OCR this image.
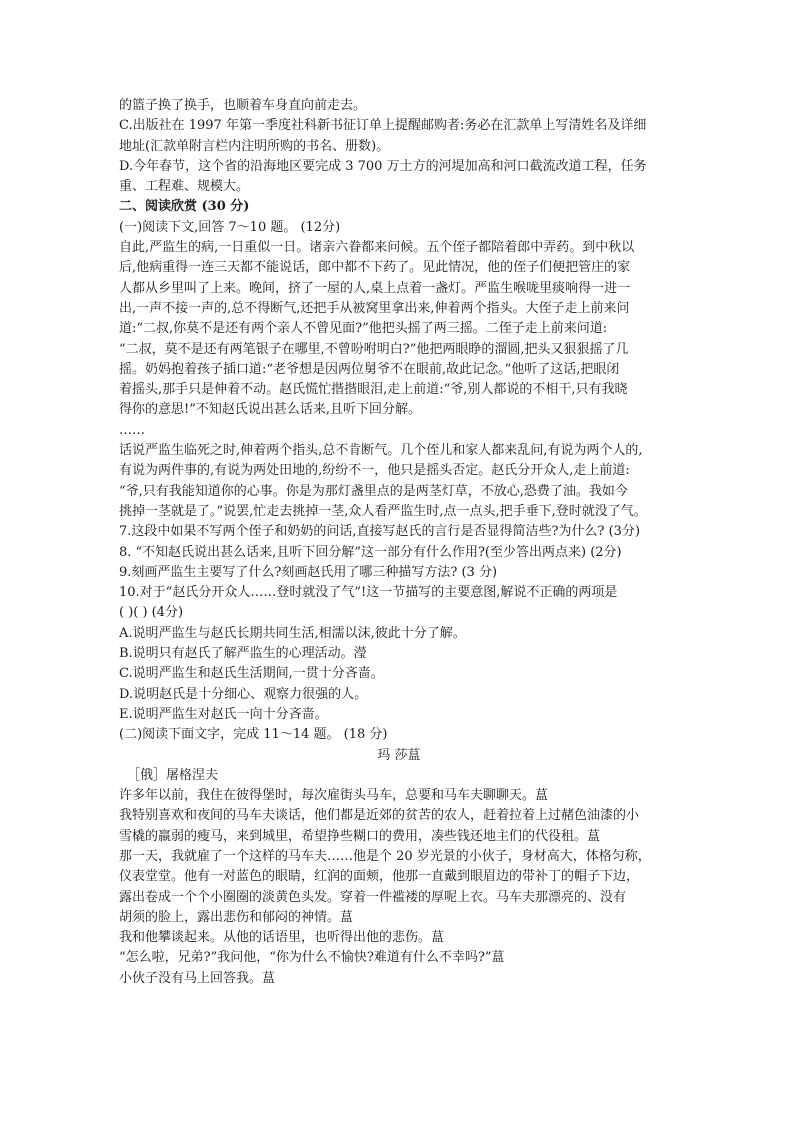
的篮子换了换手，也顺着车身直向前走去。

C.出版社在 1997 年第一季度社科新书征订单上提醒邮购者:务必在汇款单上写清姓名及详细

地址(汇款单附言栏内注明所购的书名、册数)。

D.今年春节，这个省的沿海地区要完成 3 700 万土方的河堤加高和河口截流改道工程，任务

重、工程难、规模大。

二、阅读欣赏 (30 分)

(一)阅读下文,回答 7～10 题。 (12分)

自此,严监生的病,一日重似一日。诸亲六眷都来问候。五个侄子都陪着郎中弄药。到中秋以

后,他病重得一连三天都不能说话，郎中都不下药了。见此情况，他的侄子们便把管庄的家

人都从乡里叫了上来。晚间，挤了一屋的人,桌上点着一盏灯。严监生喉咙里痰响得一进一

出,一声不接一声的,总不得断气,还把手从被窝里拿出来,伸着两个指头。大侄子走上前来问

道:“二叔,你莫不是还有两个亲人不曾见面?”他把头摇了两三摇。二侄子走上前来问道:

“二叔，莫不是还有两笔银子在哪里,不曾吩咐明白?”他把两眼睁的溜圆,把头又狠狠摇了几

摇。奶妈抱着孩子插口道:“老爷想是因两位舅爷不在眼前,故此记念。”他听了这话,把眼闭

着摇头,那手只是伸着不动。赵氏慌忙揩揩眼泪,走上前道:“爷,别人都说的不相干,只有我晓

得你的意思!”不知赵氏说出甚么话来,且听下回分解。

……

话说严监生临死之时,伸着两个指头,总不肯断气。几个侄儿和家人都来乱问,有说为两个人的,

有说为两件事的,有说为两处田地的,纷纷不一，他只是摇头否定。赵氏分开众人,走上前道:

“爷,只有我能知道你的心事。你是为那灯盏里点的是两茎灯草，不放心,恐费了油。我如今

挑掉一茎就是了。”说罢,忙走去挑掉一茎,众人看严监生时,点一点头,把手垂下,登时就没了气。

7.这段中如果不写两个侄子和奶奶的问话,直接写赵氏的言行是否显得简洁些?为什么? (3分)

8. “不知赵氏说出甚么话来,且听下回分解”这一部分有什么作用?(至少答出两点来) (2分)

9.刻画严监生主要写了什么?刻画赵氏用了哪三种描写方法? (3 分)

10.对于“赵氏分开众人……登时就没了气”!这一节描写的主要意图,解说不正确的两项是

( )( ) (4分)

A.说明严监生与赵氏长期共同生活,相濡以沫,彼此十分了解。

B.说明只有赵氏了解严监生的心理活动。瀅

C.说明严监生和赵氏生活期间,一贯十分吝啬。

D.说明赵氏是十分细心、观察力很强的人。

E.说明严监生对赵氏一向十分吝啬。

(二)阅读下面文字，完成 11～14 题。 (18 分)

玛 莎蒀

［俄］屠格涅夫

许多年以前，我住在彼得堡时，每次雇街头马车，总要和马车夫聊聊天。蒀

我特别喜欢和夜间的马车夫谈话，他们都是近郊的贫苦的农人，赶着拉着上过赭色油漆的小

雪橇的羸弱的瘦马，来到城里，希望挣些糊口的费用，凑些钱还地主们的代役租。蒀

那一天，我就雇了一个这样的马车夫……他是个 20 岁光景的小伙子，身材高大，体格匀称，

仪表堂堂。他有一对蓝色的眼睛，红润的面颊，他那一直戴到眼眉边的带补丁的帽子下边，

露出卷成一个个小圈圈的淡黄色头发。穿着一件褴褛的厚呢上衣。马车夫那漂亮的、没有

胡须的脸上，露出悲伤和郁闷的神情。蒀

我和他攀谈起来。从他的话语里，也听得出他的悲伤。蒀

“怎么啦，兄弟?”我问他，“你为什么不愉快?难道有什么不幸吗?”蒀

小伙子没有马上回答我。蒀
